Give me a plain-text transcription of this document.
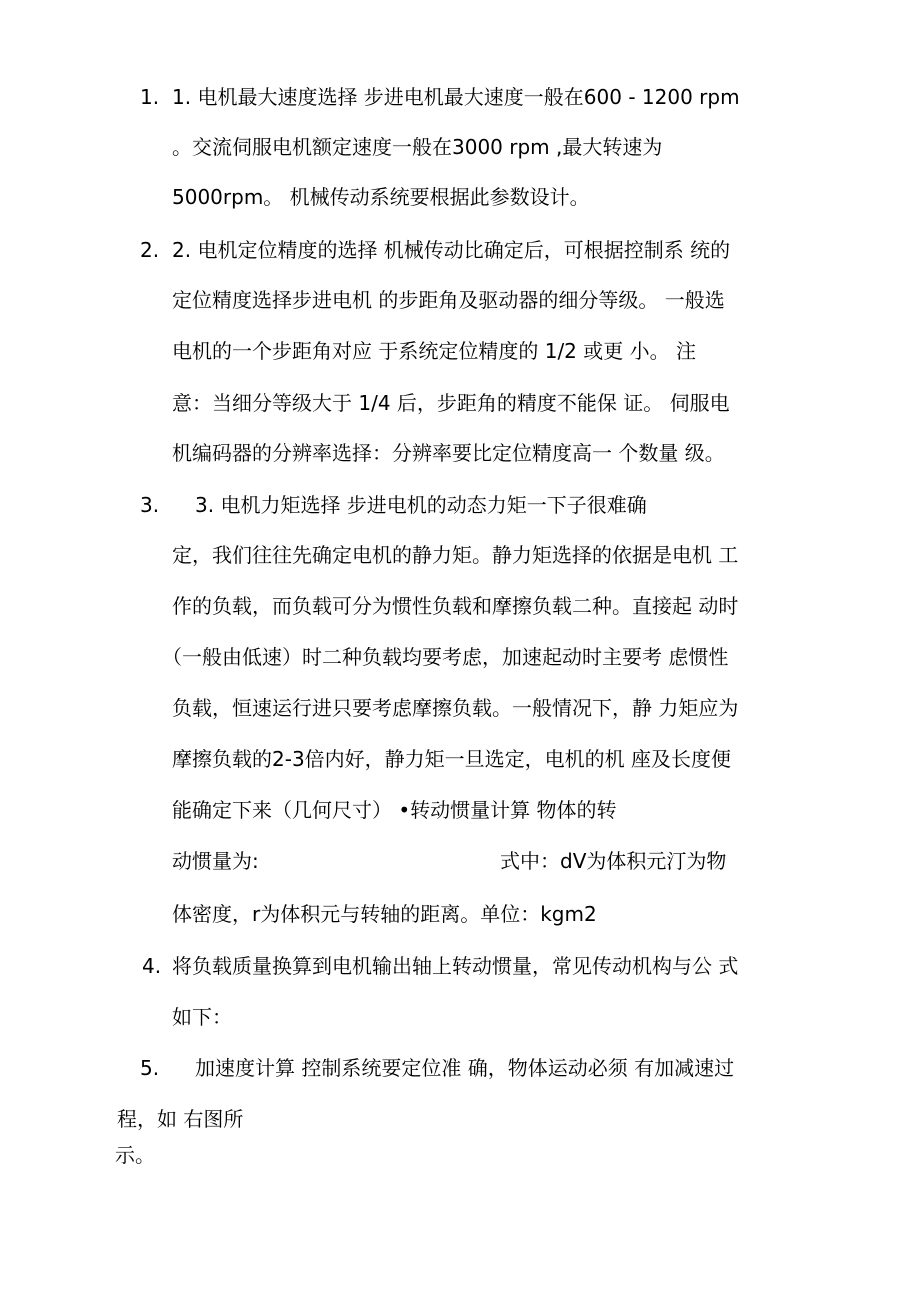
1. 1. 电机最大速度选择 步进电机最大速度一般在600 - 1200 rpm
。交流伺服电机额定速度一般在3000 rpm ,最大转速为
5000rpm。 机械传动系统要根据此参数设计。
2. 2. 电机定位精度的选择 机械传动比确定后，可根据控制系 统的
定位精度选择步进电机 的步距角及驱动器的细分等级。 一般选
电机的一个步距角对应 于系统定位精度的 1/2 或更 小。 注
意：当细分等级大于 1/4 后，步距角的精度不能保 证。 伺服电
机编码器的分辨率选择：分辨率要比定位精度高一 个数量 级。
3. 3. 电机力矩选择 步进电机的动态力矩一下子很难确
定，我们往往先确定电机的静力矩。静力矩选择的依据是电机 工
作的负载，而负载可分为惯性负载和摩擦负载二种。直接起 动时
（一般由低速）时二种负载均要考虑，加速起动时主要考 虑惯性
负载，恒速运行进只要考虑摩擦负载。一般情况下，静 力矩应为
摩擦负载的2-3倍内好，静力矩一旦选定，电机的机 座及长度便
能确定下来（几何尺寸） •转动惯量计算 物体的转
动惯量为:	式中：dV为体积元汀为物
体密度，r为体积元与转轴的距离。单位：kgm2
4. 将负载质量换算到电机输出轴上转动惯量，常见传动机构与公 式
如下：
5. 加速度计算 控制系统要定位准 确，物体运动必须 有加减速过
程，如 右图所
示。
